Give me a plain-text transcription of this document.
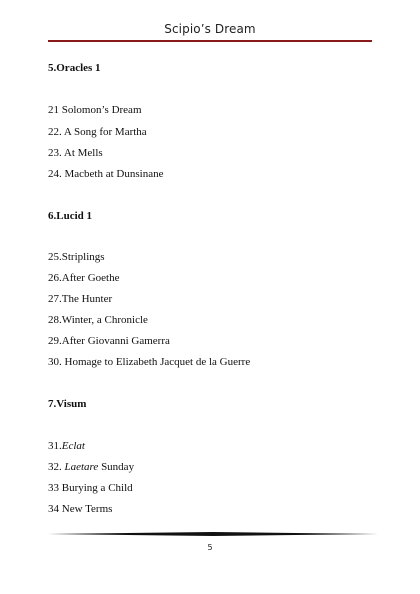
Scipio’s Dream
5.Oracles 1
21 Solomon’s Dream
22. A Song for Martha
23. At Mells
24. Macbeth at Dunsinane
6.Lucid 1
25.Striplings
26.After Goethe
27.The Hunter
28.Winter, a Chronicle
29.After Giovanni Gamerra
30. Homage to Elizabeth Jacquet de la Guerre
7.Visum
31.Eclat
32. Laetare Sunday
33 Burying a Child
34 New Terms
5
